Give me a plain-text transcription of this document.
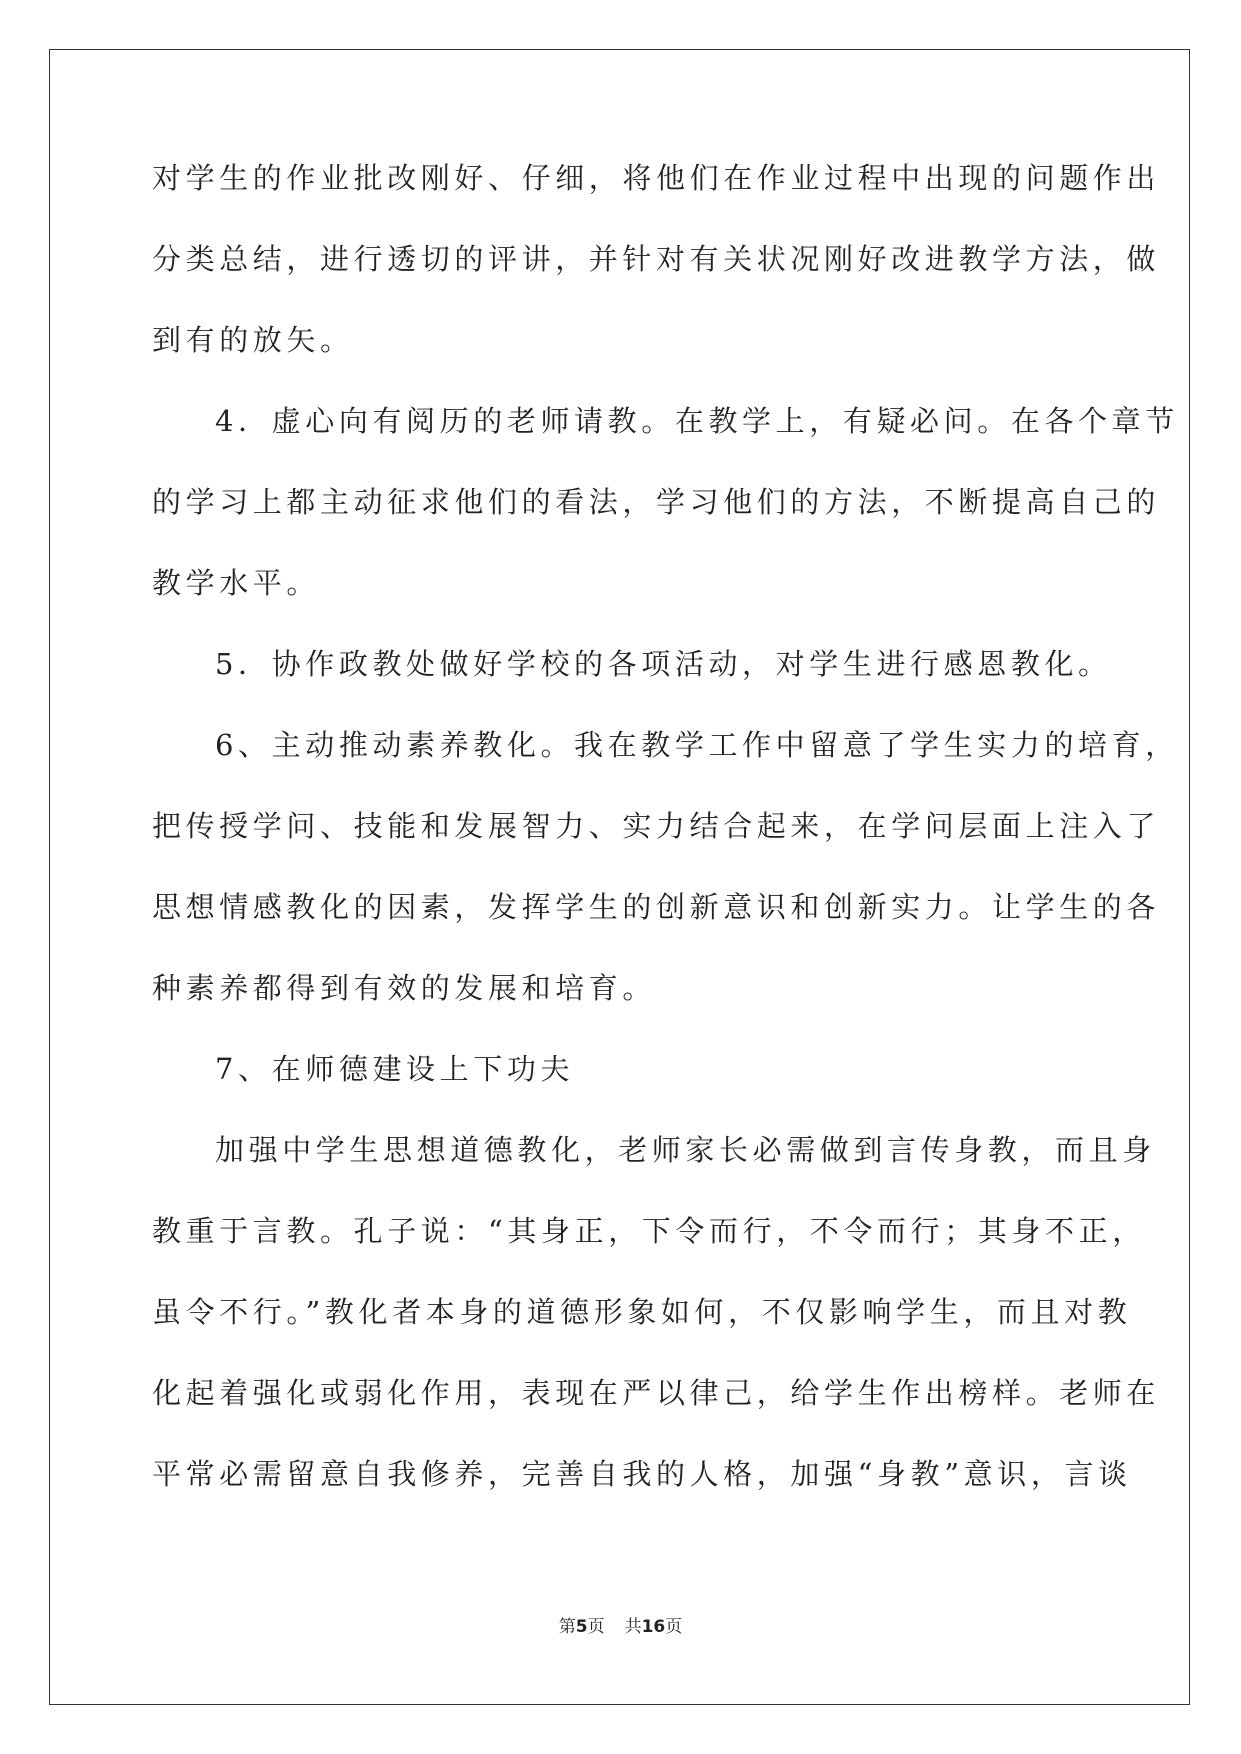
对学生的作业批改刚好、仔细，将他们在作业过程中出现的问题作出
分类总结，进行透切的评讲，并针对有关状况刚好改进教学方法，做
到有的放矢。
4．虚心向有阅历的老师请教。在教学上，有疑必问。在各个章节
的学习上都主动征求他们的看法，学习他们的方法，不断提高自己的
教学水平。
5．协作政教处做好学校的各项活动，对学生进行感恩教化。
6、主动推动素养教化。我在教学工作中留意了学生实力的培育，
把传授学问、技能和发展智力、实力结合起来，在学问层面上注入了
思想情感教化的因素，发挥学生的创新意识和创新实力。让学生的各
种素养都得到有效的发展和培育。
7、在师德建设上下功夫
加强中学生思想道德教化，老师家长必需做到言传身教，而且身
教重于言教。孔子说：“其身正，下令而行，不令而行；其身不正，
虽令不行。”教化者本身的道德形象如何，不仅影响学生，而且对教
化起着强化或弱化作用，表现在严以律己，给学生作出榜样。老师在
平常必需留意自我修养，完善自我的人格，加强“身教”意识，言谈
第5页 共16页
